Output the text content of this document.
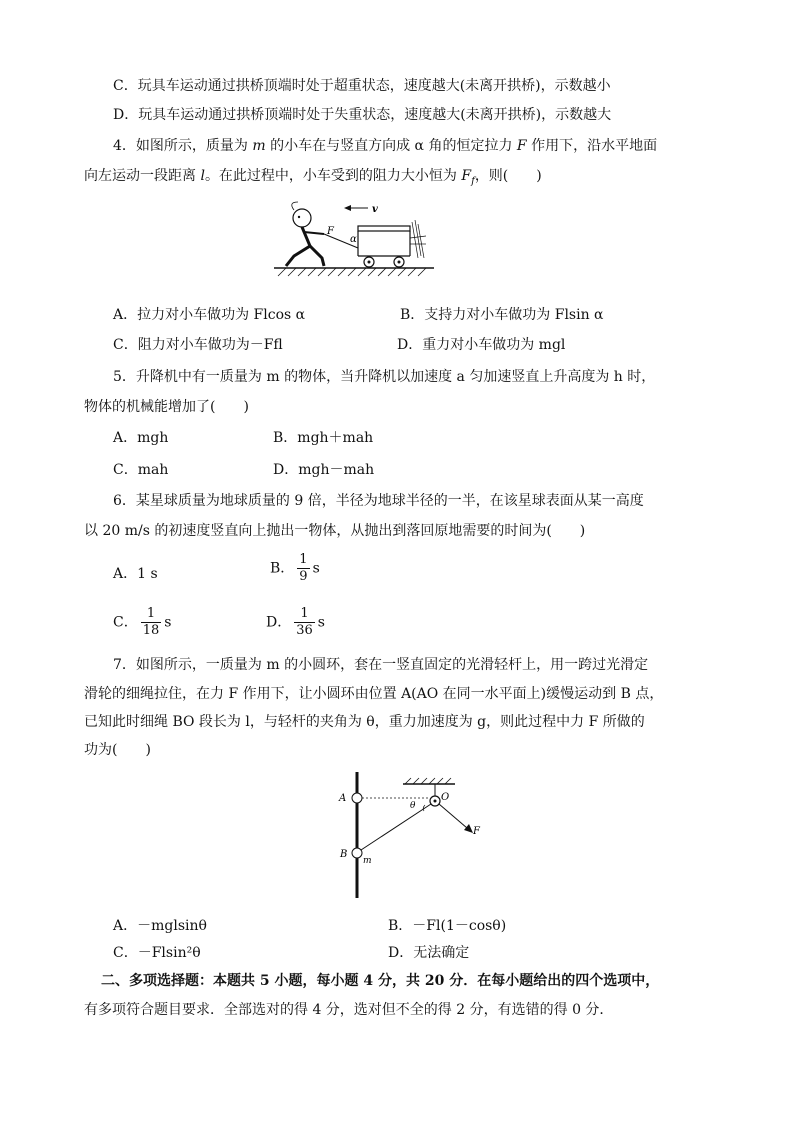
C．玩具车运动通过拱桥顶端时处于超重状态，速度越大(未离开拱桥)，示数越小
D．玩具车运动通过拱桥顶端时处于失重状态，速度越大(未离开拱桥)，示数越大
4．如图所示，质量为 m 的小车在与竖直方向成 α 角的恒定拉力 F 作用下，沿水平地面
向左运动一段距离 l。在此过程中，小车受到的阻力大小恒为 $F_f$，则(　　)
F
α
v
A．拉力对小车做功为 Flcos α	B．支持力对小车做功为 Flsin α
C．阻力对小车做功为－Ffl	D．重力对小车做功为 mgl
5．升降机中有一质量为 m 的物体，当升降机以加速度 a 匀加速竖直上升高度为 h 时，
物体的机械能增加了(　　)
A．mgh	B．mgh＋mah
C．mah	D．mgh－mah
6．某星球质量为地球质量的 9 倍，半径为地球半径的一半，在该星球表面从某一高度
以 20 m/s 的初速度竖直向上抛出一物体，从抛出到落回原地需要的时间为(　　)
A．1 s	B． $\frac{1}{9}$ s
C． $\frac{1}{18}$ s	D． $\frac{1}{36}$ s
7．如图所示，一质量为 m 的小圆环，套在一竖直固定的光滑轻杆上，用一跨过光滑定
滑轮的细绳拉住，在力 F 作用下，让小圆环由位置 A(AO 在同一水平面上)缓慢运动到 B 点，
已知此时细绳 BO 段长为 l，与轻杆的夹角为 θ，重力加速度为 g，则此过程中力 F 所做的
功为(　　)
A
B
m
O
F
θ
A．－mglsinθ	B．－Fl(1－cosθ)
C．－Flsin²θ	D．无法确定
二、多项选择题：本题共 5 小题，每小题 4 分，共 20 分．在每小题给出的四个选项中，
有多项符合题目要求．全部选对的得 4 分，选对但不全的得 2 分，有选错的得 0 分．
